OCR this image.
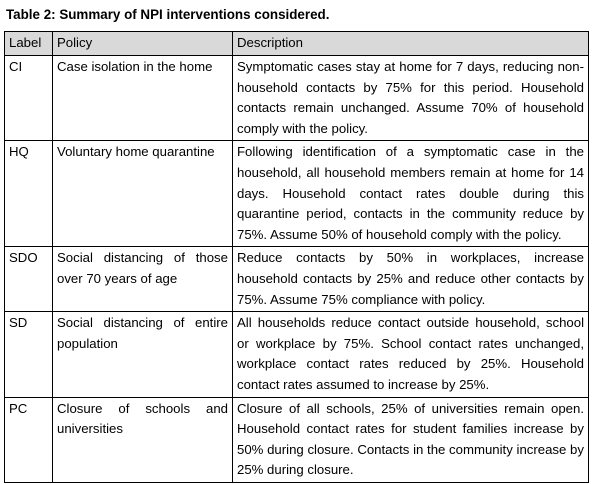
Table 2: Summary of NPI interventions considered.
Label	Policy	Description
CI	Case isolation in the home	Symptomatic cases stay at home for 7 days, reducing non-household contacts by 75% for this period. Household contacts remain unchanged. Assume 70% of household comply with the policy.
HQ	Voluntary home quarantine	Following identification of a symptomatic case in the household, all household members remain at home for 14 days. Household contact rates double during this quarantine period, contacts in the community reduce by 75%. Assume 50% of household comply with the policy.
SDO	Social distancing of those over 70 years of age	Reduce contacts by 50% in workplaces, increase household contacts by 25% and reduce other contacts by 75%. Assume 75% compliance with policy.
SD	Social distancing of entire population	All households reduce contact outside household, school or workplace by 75%. School contact rates unchanged, workplace contact rates reduced by 25%. Household contact rates assumed to increase by 25%.
PC	Closure of schools and universities	Closure of all schools, 25% of universities remain open. Household contact rates for student families increase by 50% during closure. Contacts in the community increase by 25% during closure.
